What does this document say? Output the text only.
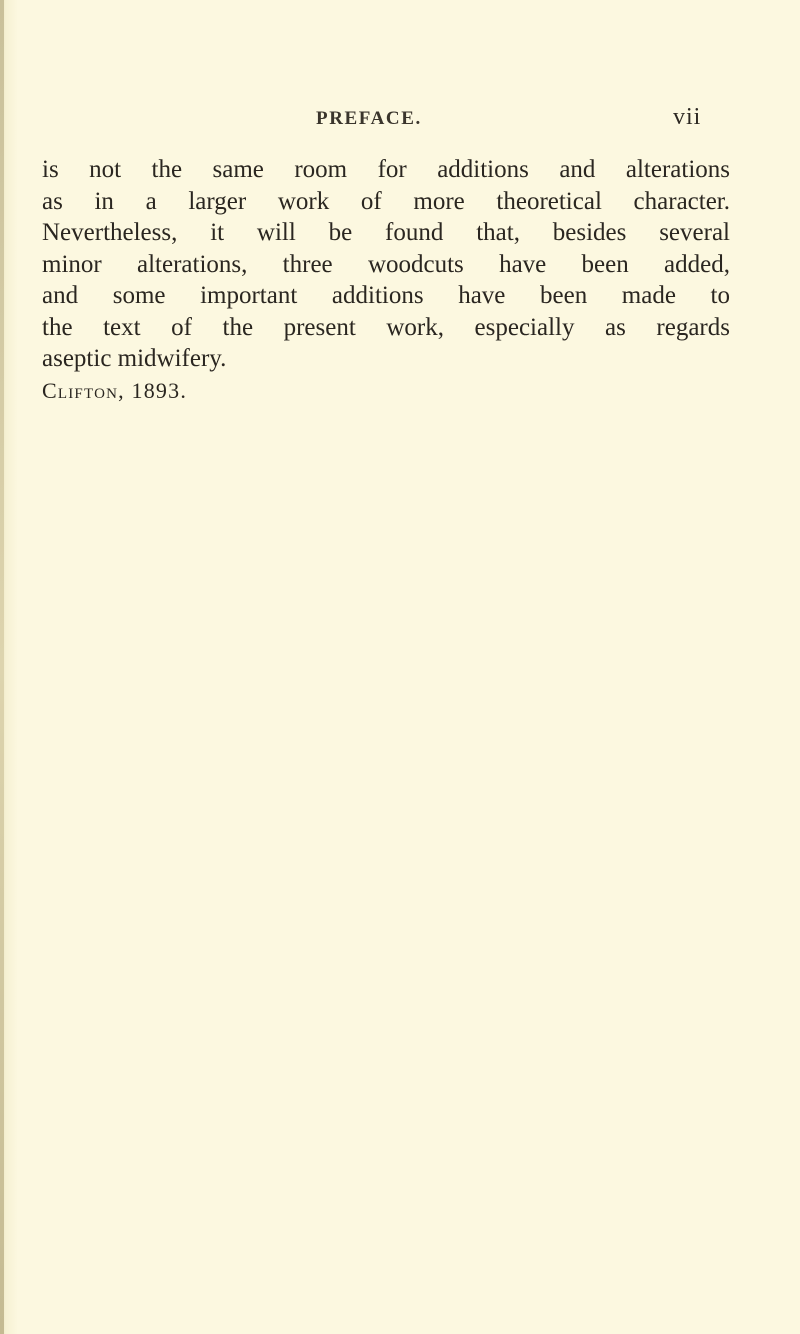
PREFACE.	vii
is not the same room for additions and alterations
as in a larger work of more theoretical character.
Nevertheless, it will be found that, besides several
minor alterations, three woodcuts have been added,
and some important additions have been made to
the text of the present work, especially as regards
aseptic midwifery.
Clifton, 1893.
